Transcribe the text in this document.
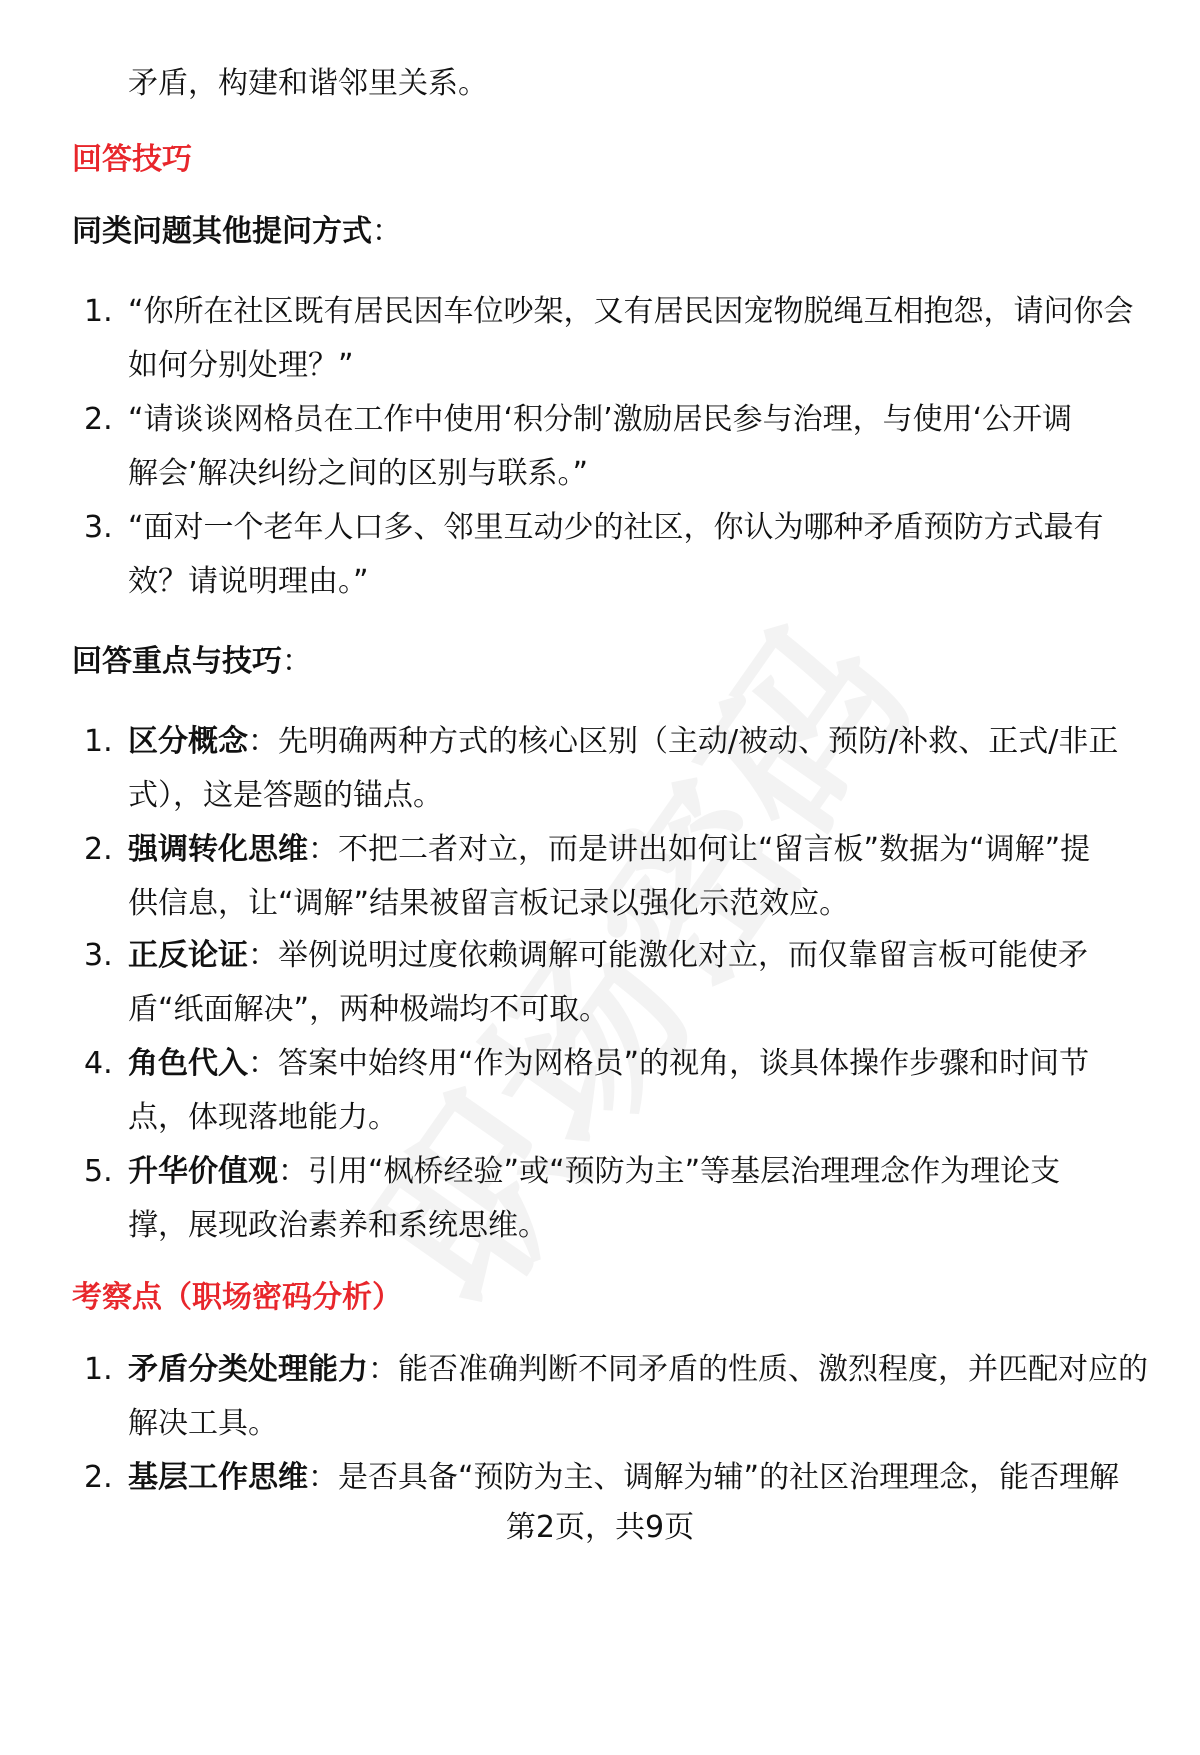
矛盾，构建和谐邻里关系。
回答技巧
同类问题其他提问方式：
1. “你所在社区既有居民因车位吵架，又有居民因宠物脱绳互相抱怨，请问你会
如何分别处理？”
2. “请谈谈网格员在工作中使用‘积分制’激励居民参与治理，与使用‘公开调
解会’解决纠纷之间的区别与联系。”
3. “面对一个老年人口多、邻里互动少的社区，你认为哪种矛盾预防方式最有
效？请说明理由。”
回答重点与技巧：
1. 区分概念：先明确两种方式的核心区别（主动/被动、预防/补救、正式/非正
式），这是答题的锚点。
2. 强调转化思维：不把二者对立，而是讲出如何让“留言板”数据为“调解”提
供信息，让“调解”结果被留言板记录以强化示范效应。
3. 正反论证：举例说明过度依赖调解可能激化对立，而仅靠留言板可能使矛
盾“纸面解决”，两种极端均不可取。
4. 角色代入：答案中始终用“作为网格员”的视角，谈具体操作步骤和时间节
点，体现落地能力。
5. 升华价值观：引用“枫桥经验”或“预防为主”等基层治理理念作为理论支
撑，展现政治素养和系统思维。
考察点（职场密码分析）
1. 矛盾分类处理能力：能否准确判断不同矛盾的性质、激烈程度，并匹配对应的
解决工具。
2. 基层工作思维：是否具备“预防为主、调解为辅”的社区治理理念，能否理解
第2页，共9页
